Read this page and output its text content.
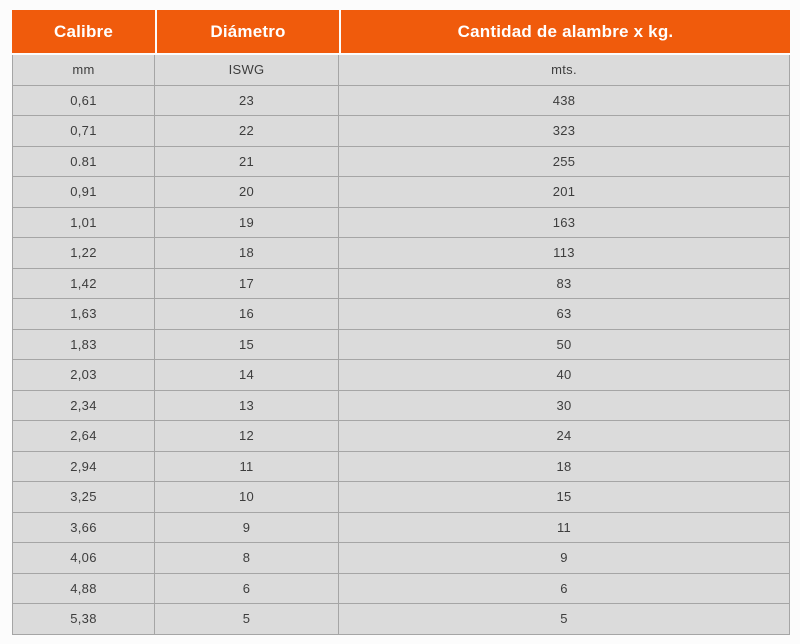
Calibre	Diámetro	Cantidad de alambre x kg.
mm	ISWG	mts.
0,61	23	438
0,71	22	323
0.81	21	255
0,91	20	201
1,01	19	163
1,22	18	113
1,42	17	83
1,63	16	63
1,83	15	50
2,03	14	40
2,34	13	30
2,64	12	24
2,94	11	18
3,25	10	15
3,66	9	11
4,06	8	9
4,88	6	6
5,38	5	5
